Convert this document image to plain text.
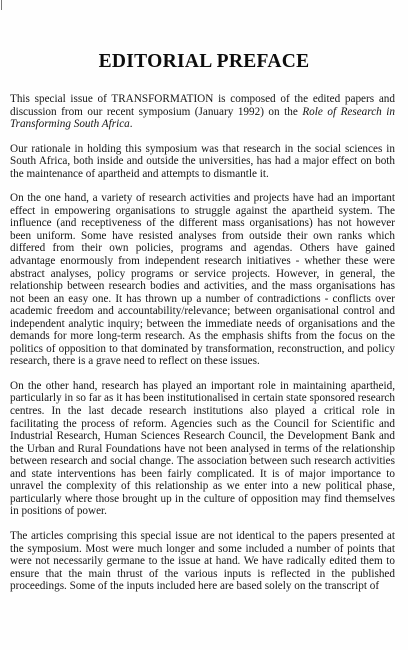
EDITORIAL PREFACE

This special issue of TRANSFORMATION is composed of the edited papers and discussion from our recent symposium (January 1992) on the Role of Research in Transforming South Africa.

Our rationale in holding this symposium was that research in the social sciences in South Africa, both inside and outside the universities, has had a major effect on both the maintenance of apartheid and attempts to dismantle it.

On the one hand, a variety of research activities and projects have had an important effect in empowering organisations to struggle against the apartheid system. The influence (and receptiveness of the different mass organisations) has not however been uniform. Some have resisted analyses from outside their own ranks which differed from their own policies, programs and agendas. Others have gained advantage enormously from independent research initiatives - whether these were abstract analyses, policy programs or service projects. However, in general, the relationship between research bodies and activities, and the mass organisations has not been an easy one. It has thrown up a number of contradictions - conflicts over academic freedom and accountability/relevance; between organisational control and independent analytic inquiry; between the immediate needs of organisations and the demands for more long-term research. As the emphasis shifts from the focus on the politics of opposition to that dominated by transformation, reconstruction, and policy research, there is a grave need to reflect on these issues.

On the other hand, research has played an important role in maintaining apartheid, particularly in so far as it has been institutionalised in certain state sponsored research centres. In the last decade research institutions also played a critical role in facilitating the process of reform. Agencies such as the Council for Scientific and Industrial Research, Human Sciences Research Council, the Development Bank and the Urban and Rural Foundations have not been analysed in terms of the relationship between research and social change. The association between such research activities and state interventions has been fairly complicated. It is of major importance to unravel the complexity of this relationship as we enter into a new political phase, particularly where those brought up in the culture of opposition may find themselves in positions of power.

The articles comprising this special issue are not identical to the papers presented at the symposium. Most were much longer and some included a number of points that were not necessarily germane to the issue at hand. We have radically edited them to ensure that the main thrust of the various inputs is reflected in the published proceedings. Some of the inputs included here are based solely on the transcript of
